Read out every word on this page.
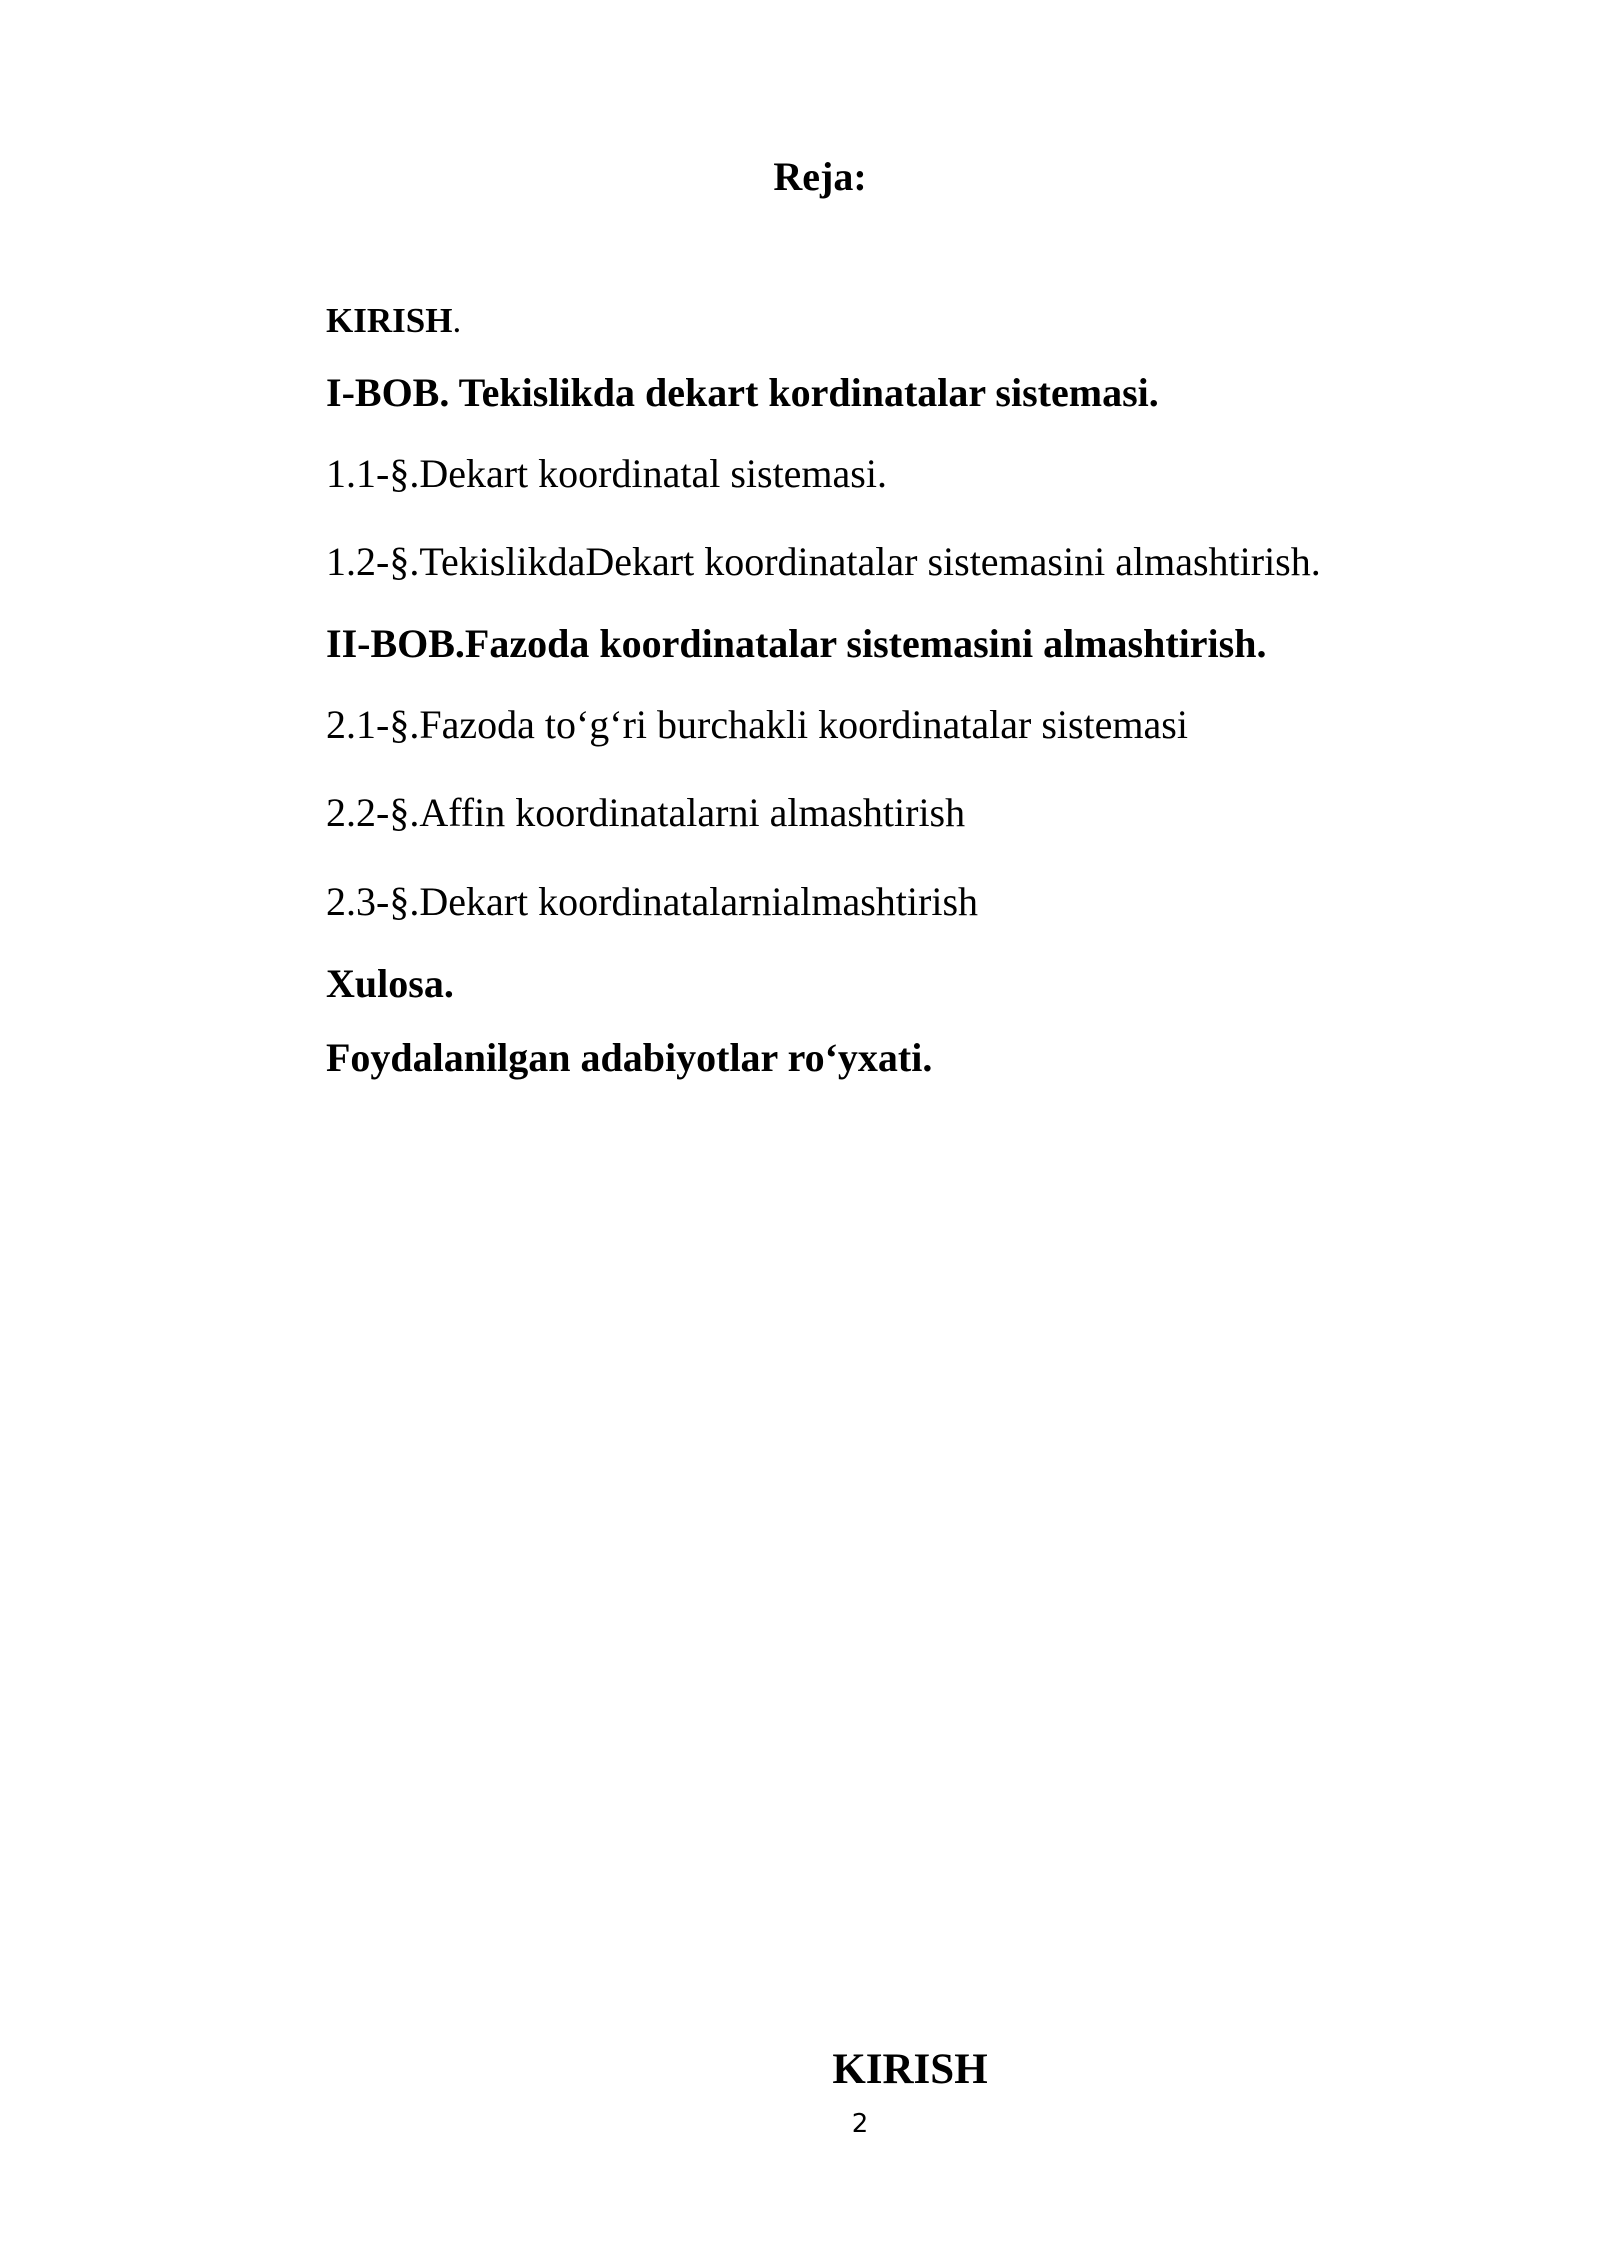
Reja:
KIRISH.
I-BOB. Tekislikda dekart kordinatalar sistemasi.
1.1-§.Dekart koordinatal sistemasi.
1.2-§.TekislikdaDekart koordinatalar sistemasini almashtirish.
II-BOB.Fazoda koordinatalar sistemasini almashtirish.
2.1-§.Fazoda to‘g‘ri burchakli koordinatalar sistemasi
2.2-§.Affin koordinatalarni almashtirish
2.3-§.Dekart koordinatalarnialmashtirish
Xulosa.
Foydalanilgan adabiyotlar ro‘yxati.
KIRISH
2
